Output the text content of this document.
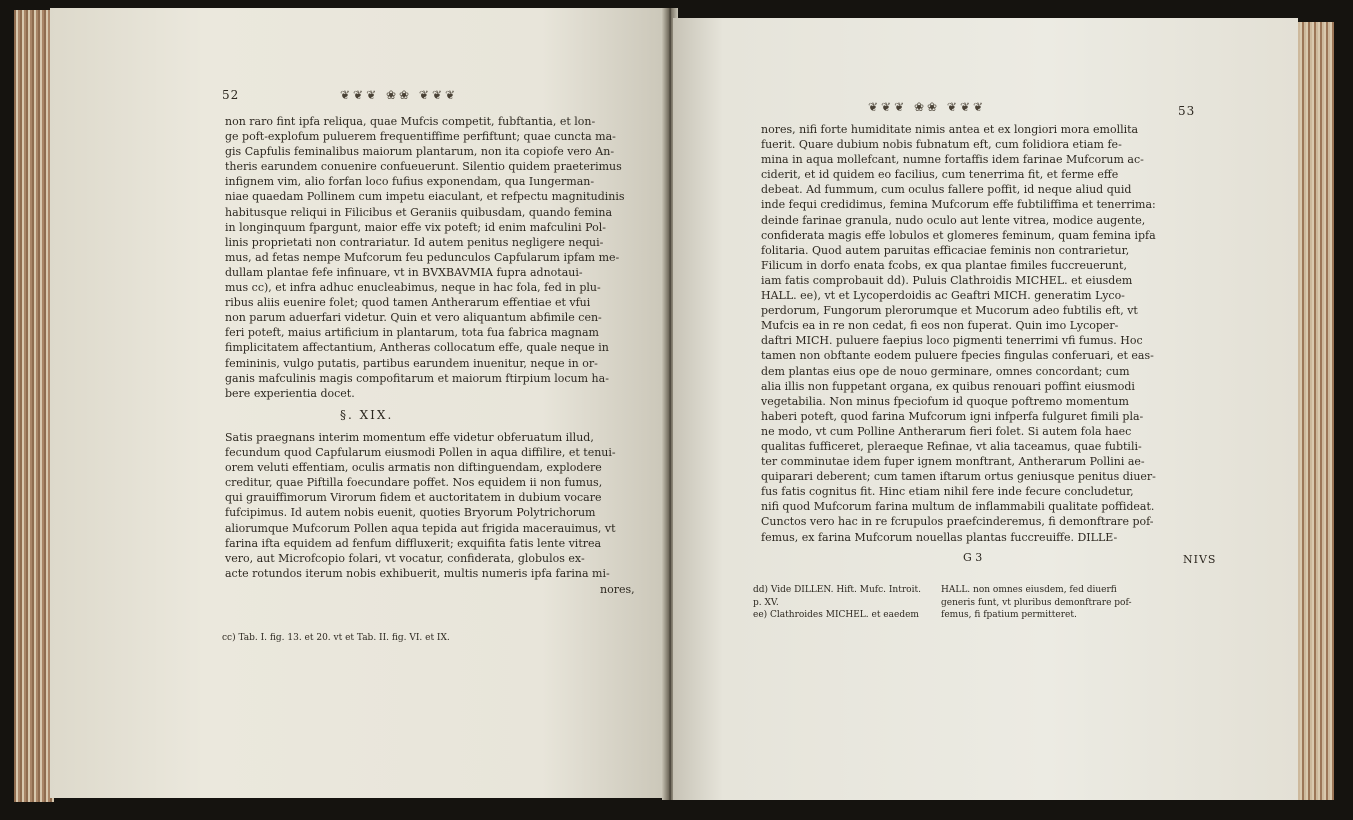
52	❦❦❦ ❀❀ ❦❦❦
non raro fint ipfa reliqua, quae Mufcis competit, fubftantia, et lon-
ge poft-explofum puluerem frequentiffime perfiftunt; quae cuncta ma-
gis Capfulis feminalibus maiorum plantarum, non ita copiofe vero An-
theris earundem conuenire confueuerunt. Silentio quidem praeterimus
infignem vim, alio forfan loco fufius exponendam, qua Iungerman-
niae quaedam Pollinem cum impetu eiaculant, et refpectu magnitudinis
habitusque reliqui in Filicibus et Geraniis quibusdam, quando femina
in longinquum fpargunt, maior effe vix poteft; id enim mafculini Pol-
linis proprietati non contrariatur. Id autem penitus negligere nequi-
mus, ad fetas nempe Mufcorum feu pedunculos Capfularum ipfam me-
dullam plantae fefe infinuare, vt in BVXBAVMIA fupra adnotaui-
mus cc), et infra adhuc enucleabimus, neque in hac fola, fed in plu-
ribus aliis euenire folet; quod tamen Antherarum effentiae et vfui
non parum aduerfari videtur. Quin et vero aliquantum abfimile cen-
feri poteft, maius artificium in plantarum, tota fua fabrica magnam
fimplicitatem affectantium, Antheras collocatum effe, quale neque in
femininis, vulgo putatis, partibus earundem inuenitur, neque in or-
ganis mafculinis magis compofitarum et maiorum ftirpium locum ha-
bere experientia docet.
§. XIX.
Satis praegnans interim momentum effe videtur obferuatum illud,
fecundum quod Capfularum eiusmodi Pollen in aqua diffilire, et tenui-
orem veluti effentiam, oculis armatis non diftinguendam, explodere
creditur, quae Piftilla foecundare poffet. Nos equidem ii non fumus,
qui grauiffimorum Virorum fidem et auctoritatem in dubium vocare
fufcipimus. Id autem nobis euenit, quoties Bryorum Polytrichorum
aliorumque Mufcorum Pollen aqua tepida aut frigida macerauimus, vt
farina ifta equidem ad fenfum diffluxerit; exquifita fatis lente vitrea
vero, aut Microfcopio folari, vt vocatur, confiderata, globulos ex-
acte rotundos iterum nobis exhibuerit, multis numeris ipfa farina mi-
nores,
cc) Tab. I. fig. 13. et 20. vt et Tab. II. fig. VI. et IX.
❦❦❦ ❀❀ ❦❦❦	53
nores, nifi forte humiditate nimis antea et ex longiori mora emollita
fuerit. Quare dubium nobis fubnatum eft, cum folidiora etiam fe-
mina in aqua mollefcant, numne fortaffis idem farinae Mufcorum ac-
ciderit, et id quidem eo facilius, cum tenerrima fit, et ferme effe
debeat. Ad fummum, cum oculus fallere poffit, id neque aliud quid
inde fequi credidimus, femina Mufcorum effe fubtiliffima et tenerrima:
deinde farinae granula, nudo oculo aut lente vitrea, modice augente,
confiderata magis effe lobulos et glomeres feminum, quam femina ipfa
folitaria. Quod autem paruitas efficaciae feminis non contrarietur,
Filicum in dorfo enata fcobs, ex qua plantae fimiles fuccreuerunt,
iam fatis comprobauit dd). Puluis Clathroidis MICHEL. et eiusdem
HALL. ee), vt et Lycoperdoidis ac Geaftri MICH. generatim Lyco-
perdorum, Fungorum plerorumque et Mucorum adeo fubtilis eft, vt
Mufcis ea in re non cedat, fi eos non fuperat. Quin imo Lycoper-
daftri MICH. puluere faepius loco pigmenti tenerrimi vfi fumus. Hoc
tamen non obftante eodem puluere fpecies fingulas conferuari, et eas-
dem plantas eius ope de nouo germinare, omnes concordant; cum
alia illis non fuppetant organa, ex quibus renouari poffint eiusmodi
vegetabilia. Non minus fpeciofum id quoque poftremo momentum
haberi poteft, quod farina Mufcorum igni infperfa fulguret fimili pla-
ne modo, vt cum Polline Antherarum fieri folet. Si autem fola haec
qualitas fufficeret, pleraeque Refinae, vt alia taceamus, quae fubtili-
ter comminutae idem fuper ignem monftrant, Antherarum Pollini ae-
quiparari deberent; cum tamen iftarum ortus geniusque penitus diuer-
fus fatis cognitus fit. Hinc etiam nihil fere inde fecure concludetur,
nifi quod Mufcorum farina multum de inflammabili qualitate poffideat.
Cunctos vero hac in re fcrupulos praefcinderemus, fi demonftrare pof-
femus, ex farina Mufcorum nouellas plantas fuccreuiffe. DILLE-
G 3	NIVS
dd) Vide DILLEN. Hift. Mufc. Introit.
p. XV.
ee) Clathroides MICHEL. et eaedem
HALL. non omnes eiusdem, fed diuerfi
generis funt, vt pluribus demonftrare pof-
femus, fi fpatium permitteret.
